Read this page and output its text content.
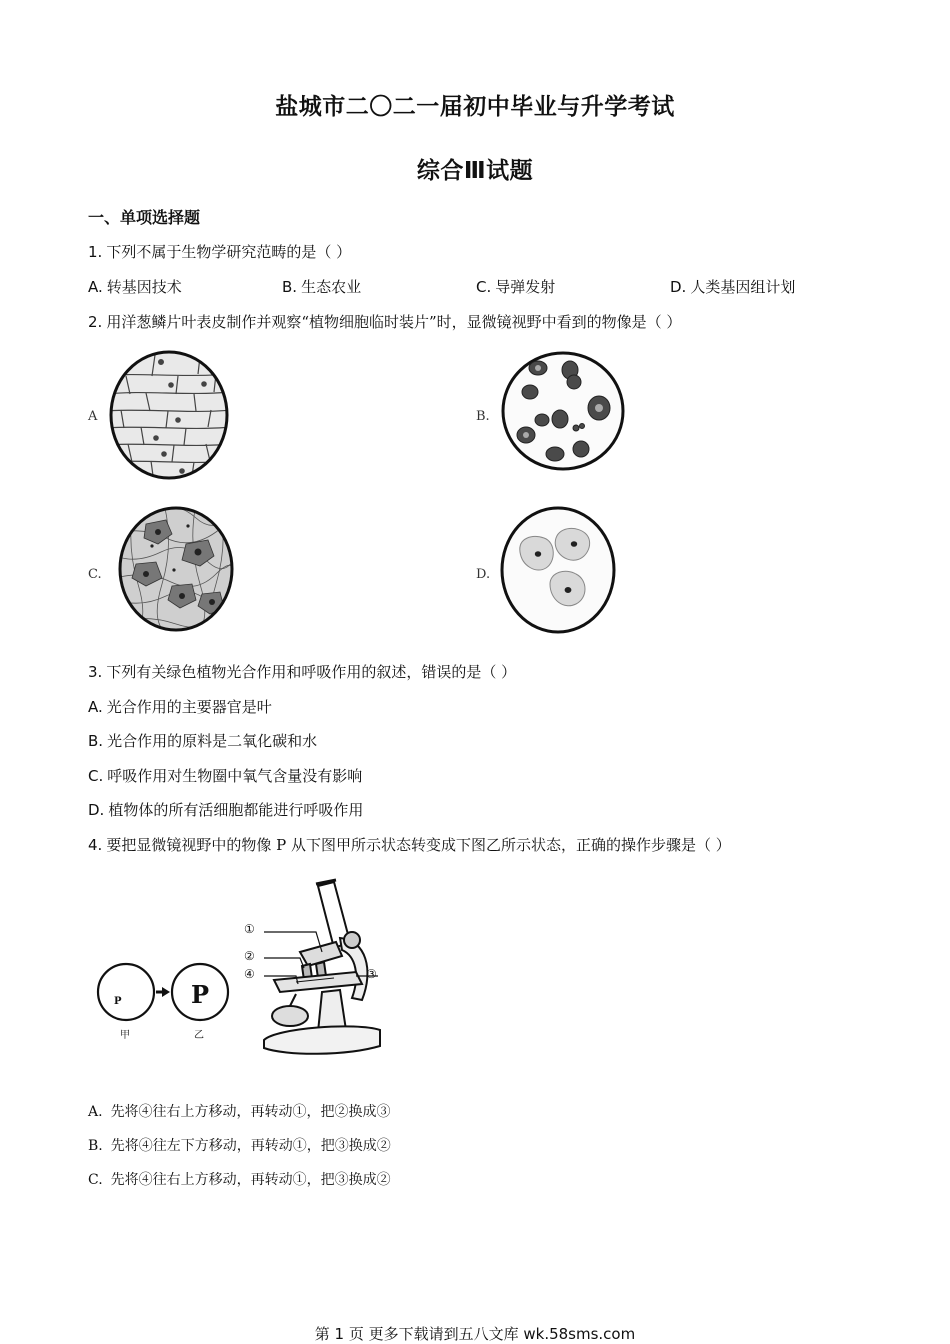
盐城市二〇二一届初中毕业与升学考试
综合Ⅲ试题
一、单项选择题
1. 下列不属于生物学研究范畴的是（ ）
A. 转基因技术	B. 生态农业	C. 导弹发射	D. 人类基因组计划
2. 用洋葱鳞片叶表皮制作并观察“植物细胞临时装片”时，显微镜视野中看到的物像是（ ）
A	B.
C.	D.
3. 下列有关绿色植物光合作用和呼吸作用的叙述，错误的是（ ）
A. 光合作用的主要器官是叶
B. 光合作用的原料是二氧化碳和水
C. 呼吸作用对生物圈中氧气含量没有影响
D. 植物体的所有活细胞都能进行呼吸作用
4. 要把显微镜视野中的物像 P 从下图甲所示状态转变成下图乙所示状态，正确的操作步骤是（ ）
P	P
甲	乙
①
②
④	③
A. 先将④往右上方移动，再转动①，把②换成③
B. 先将④往左下方移动，再转动①，把③换成②
C. 先将④往右上方移动，再转动①，把③换成②
第 1 页 更多下载请到五八文库 wk.58sms.com
